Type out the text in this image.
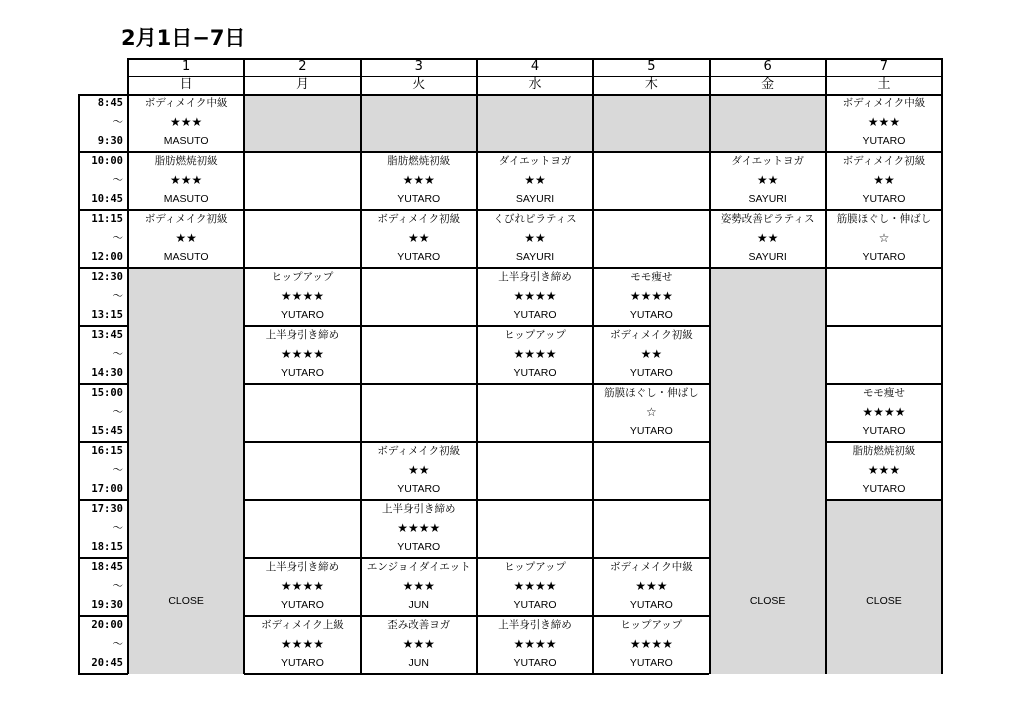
2月1日−7日
CLOSE	CLOSE	CLOSE
1
日
2
月
3
火
4
水
5
木
6
金
7
土
8:45
〜
9:30
10:00
〜
10:45
11:15
〜
12:00
12:30
〜
13:15
13:45
〜
14:30
15:00
〜
15:45
16:15
〜
17:00
17:30
〜
18:15
18:45
〜
19:30
20:00
〜
20:45
ボディメイク中級
★★★
MASUTO
ボディメイク中級
★★★
YUTARO
脂肪燃焼初級
★★★
MASUTO
脂肪燃焼初級
★★★
YUTARO
ダイエットヨガ
★★
SAYURI
ダイエットヨガ
★★
SAYURI
ボディメイク初級
★★
YUTARO
ボディメイク初級
★★
MASUTO
ボディメイク初級
★★
YUTARO
くびれピラティス
★★
SAYURI
姿勢改善ピラティス
★★
SAYURI
筋膜ほぐし・伸ばし
☆
YUTARO
ヒップアップ
★★★★
YUTARO
上半身引き締め
★★★★
YUTARO
モモ痩せ
★★★★
YUTARO
上半身引き締め
★★★★
YUTARO
ヒップアップ
★★★★
YUTARO
ボディメイク初級
★★
YUTARO
筋膜ほぐし・伸ばし
☆
YUTARO
モモ痩せ
★★★★
YUTARO
ボディメイク初級
★★
YUTARO
脂肪燃焼初級
★★★
YUTARO
上半身引き締め
★★★★
YUTARO
上半身引き締め
★★★★
YUTARO
エンジョイダイエット
★★★
JUN
ヒップアップ
★★★★
YUTARO
ボディメイク中級
★★★
YUTARO
ボディメイク上級
★★★★
YUTARO
歪み改善ヨガ
★★★
JUN
上半身引き締め
★★★★
YUTARO
ヒップアップ
★★★★
YUTARO
